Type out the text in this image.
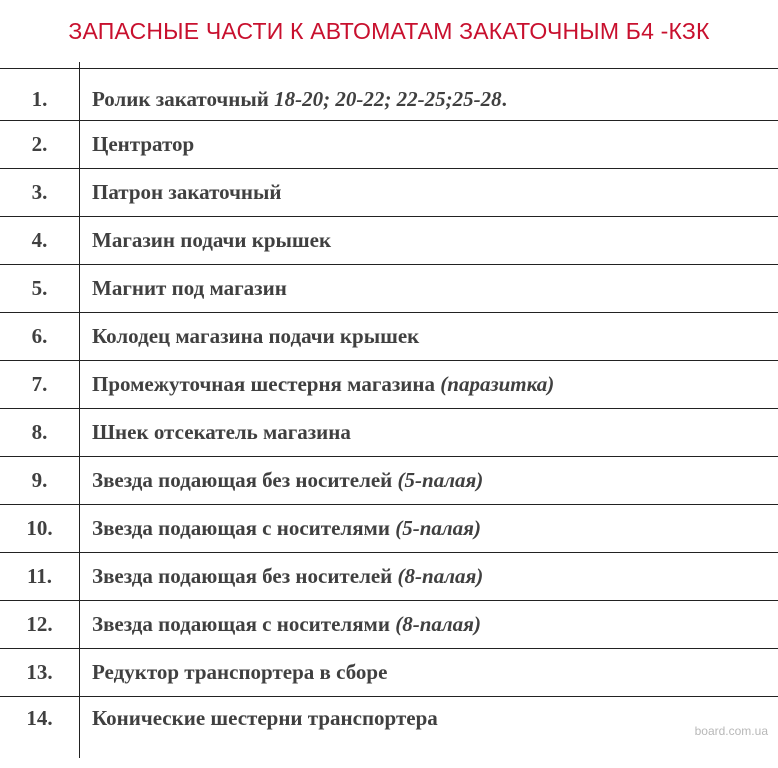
ЗАПАСНЫЕ ЧАСТИ К АВТОМАТАМ ЗАКАТОЧНЫМ Б4 -КЗК
1.	Ролик закаточный 18-20; 20-22; 22-25;25-28.
2.	Центратор
3.	Патрон закаточный
4.	Магазин подачи крышек
5.	Магнит под магазин
6.	Колодец магазина подачи крышек
7.	Промежуточная шестерня магазина (паразитка)
8.	Шнек отсекатель магазина
9.	Звезда подающая без носителей (5-палая)
10.	Звезда подающая с носителями (5-палая)
11.	Звезда подающая без носителей (8-палая)
12.	Звезда подающая с носителями (8-палая)
13.	Редуктор транспортера в сборе
14.	Конические шестерни транспортера
board.com.ua
